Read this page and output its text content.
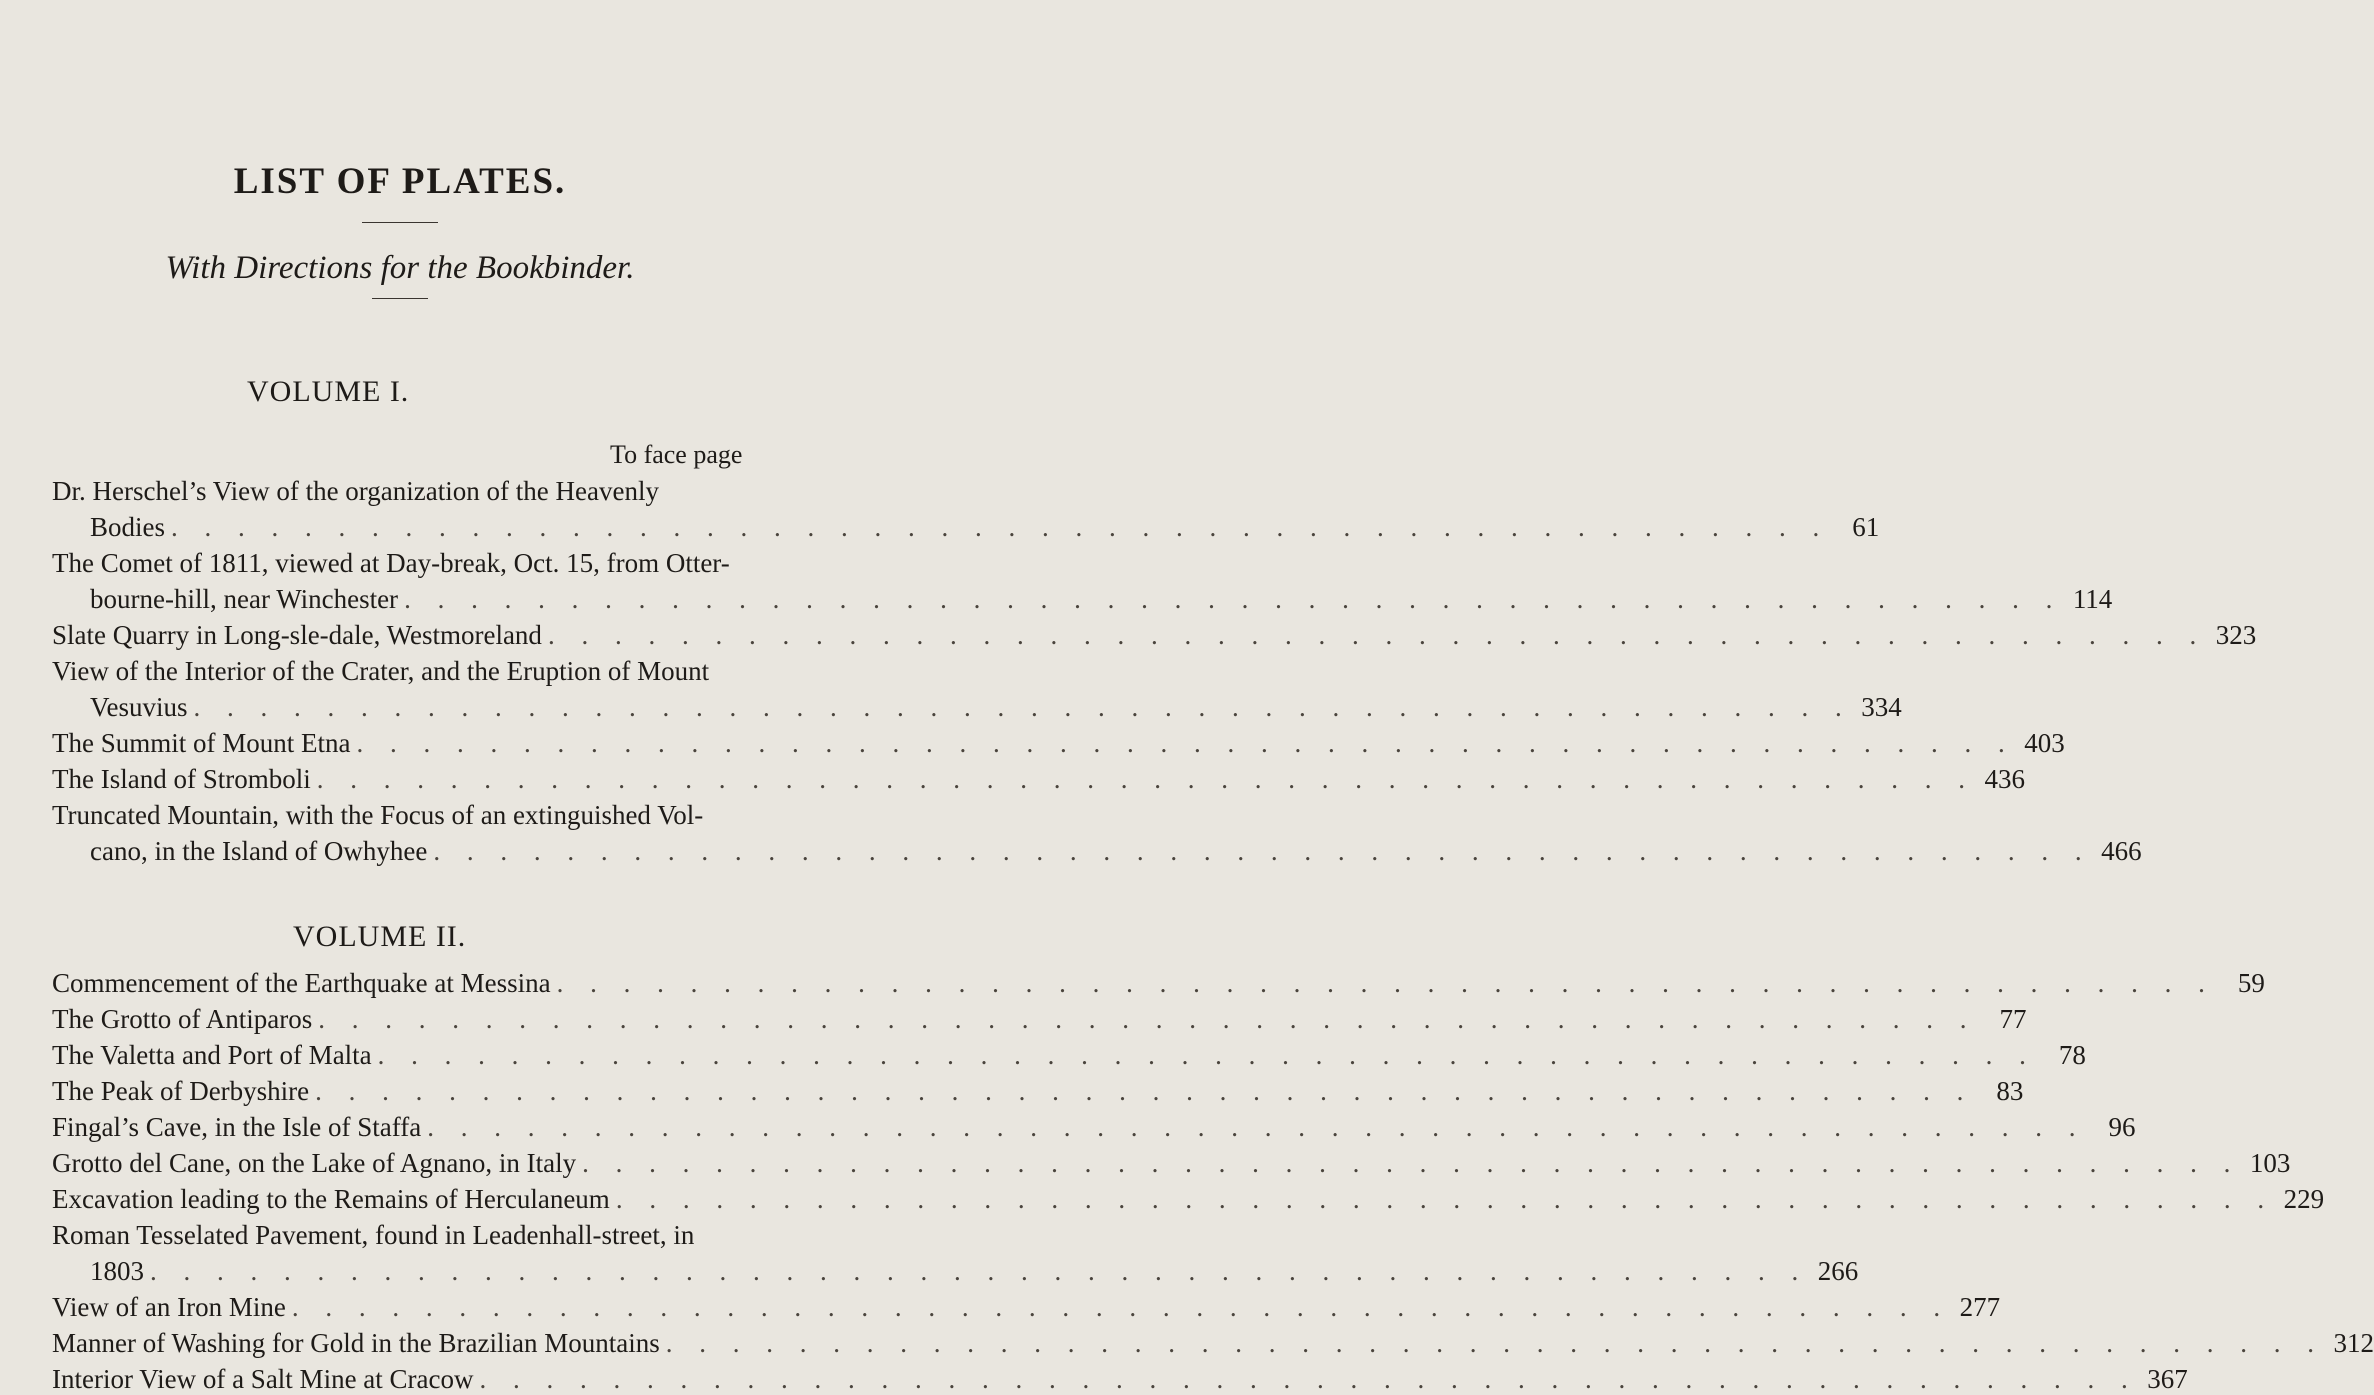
LIST OF PLATES.
With Directions for the Bookbinder.
VOLUME I.
To face page
VOLUME II.
Dr. Herschel’s View of the organization of the Heavenly
Bodies . . . . . . . . . . . . . . . . . . . . . . . . . . . . . . . . . . . . . . . . . . . . . . . . . . 61
The Comet of 1811, viewed at Day-break, Oct. 15, from Otter-
bourne-hill, near Winchester . . . . . . . . . . . . . . . . . . . . . . . . . . . . . . . . . . . . . . . . . . . . . . . . . . 114
Slate Quarry in Long-sle-dale, Westmoreland . . . . . . . . . . . . . . . . . . . . . . . . . . . . . . . . . . . . . . . . . . . . . . . . . . 323
View of the Interior of the Crater, and the Eruption of Mount
Vesuvius . . . . . . . . . . . . . . . . . . . . . . . . . . . . . . . . . . . . . . . . . . . . . . . . . . 334
The Summit of Mount Etna . . . . . . . . . . . . . . . . . . . . . . . . . . . . . . . . . . . . . . . . . . . . . . . . . . 403
The Island of Stromboli . . . . . . . . . . . . . . . . . . . . . . . . . . . . . . . . . . . . . . . . . . . . . . . . . . 436
Truncated Mountain, with the Focus of an extinguished Vol-
cano, in the Island of Owhyhee . . . . . . . . . . . . . . . . . . . . . . . . . . . . . . . . . . . . . . . . . . . . . . . . . . 466
Commencement of the Earthquake at Messina . . . . . . . . . . . . . . . . . . . . . . . . . . . . . . . . . . . . . . . . . . . . . . . . . . 59
The Grotto of Antiparos . . . . . . . . . . . . . . . . . . . . . . . . . . . . . . . . . . . . . . . . . . . . . . . . . . 77
The Valetta and Port of Malta . . . . . . . . . . . . . . . . . . . . . . . . . . . . . . . . . . . . . . . . . . . . . . . . . . 78
The Peak of Derbyshire . . . . . . . . . . . . . . . . . . . . . . . . . . . . . . . . . . . . . . . . . . . . . . . . . . 83
Fingal’s Cave, in the Isle of Staffa . . . . . . . . . . . . . . . . . . . . . . . . . . . . . . . . . . . . . . . . . . . . . . . . . . 96
Grotto del Cane, on the Lake of Agnano, in Italy . . . . . . . . . . . . . . . . . . . . . . . . . . . . . . . . . . . . . . . . . . . . . . . . . . 103
Excavation leading to the Remains of Herculaneum . . . . . . . . . . . . . . . . . . . . . . . . . . . . . . . . . . . . . . . . . . . . . . . . . . 229
Roman Tesselated Pavement, found in Leadenhall-street, in
1803 . . . . . . . . . . . . . . . . . . . . . . . . . . . . . . . . . . . . . . . . . . . . . . . . . . 266
View of an Iron Mine . . . . . . . . . . . . . . . . . . . . . . . . . . . . . . . . . . . . . . . . . . . . . . . . . . 277
Manner of Washing for Gold in the Brazilian Mountains . . . . . . . . . . . . . . . . . . . . . . . . . . . . . . . . . . . . . . . . . . . . . . . . . . 312
Interior View of a Salt Mine at Cracow . . . . . . . . . . . . . . . . . . . . . . . . . . . . . . . . . . . . . . . . . . . . . . . . . . 367
